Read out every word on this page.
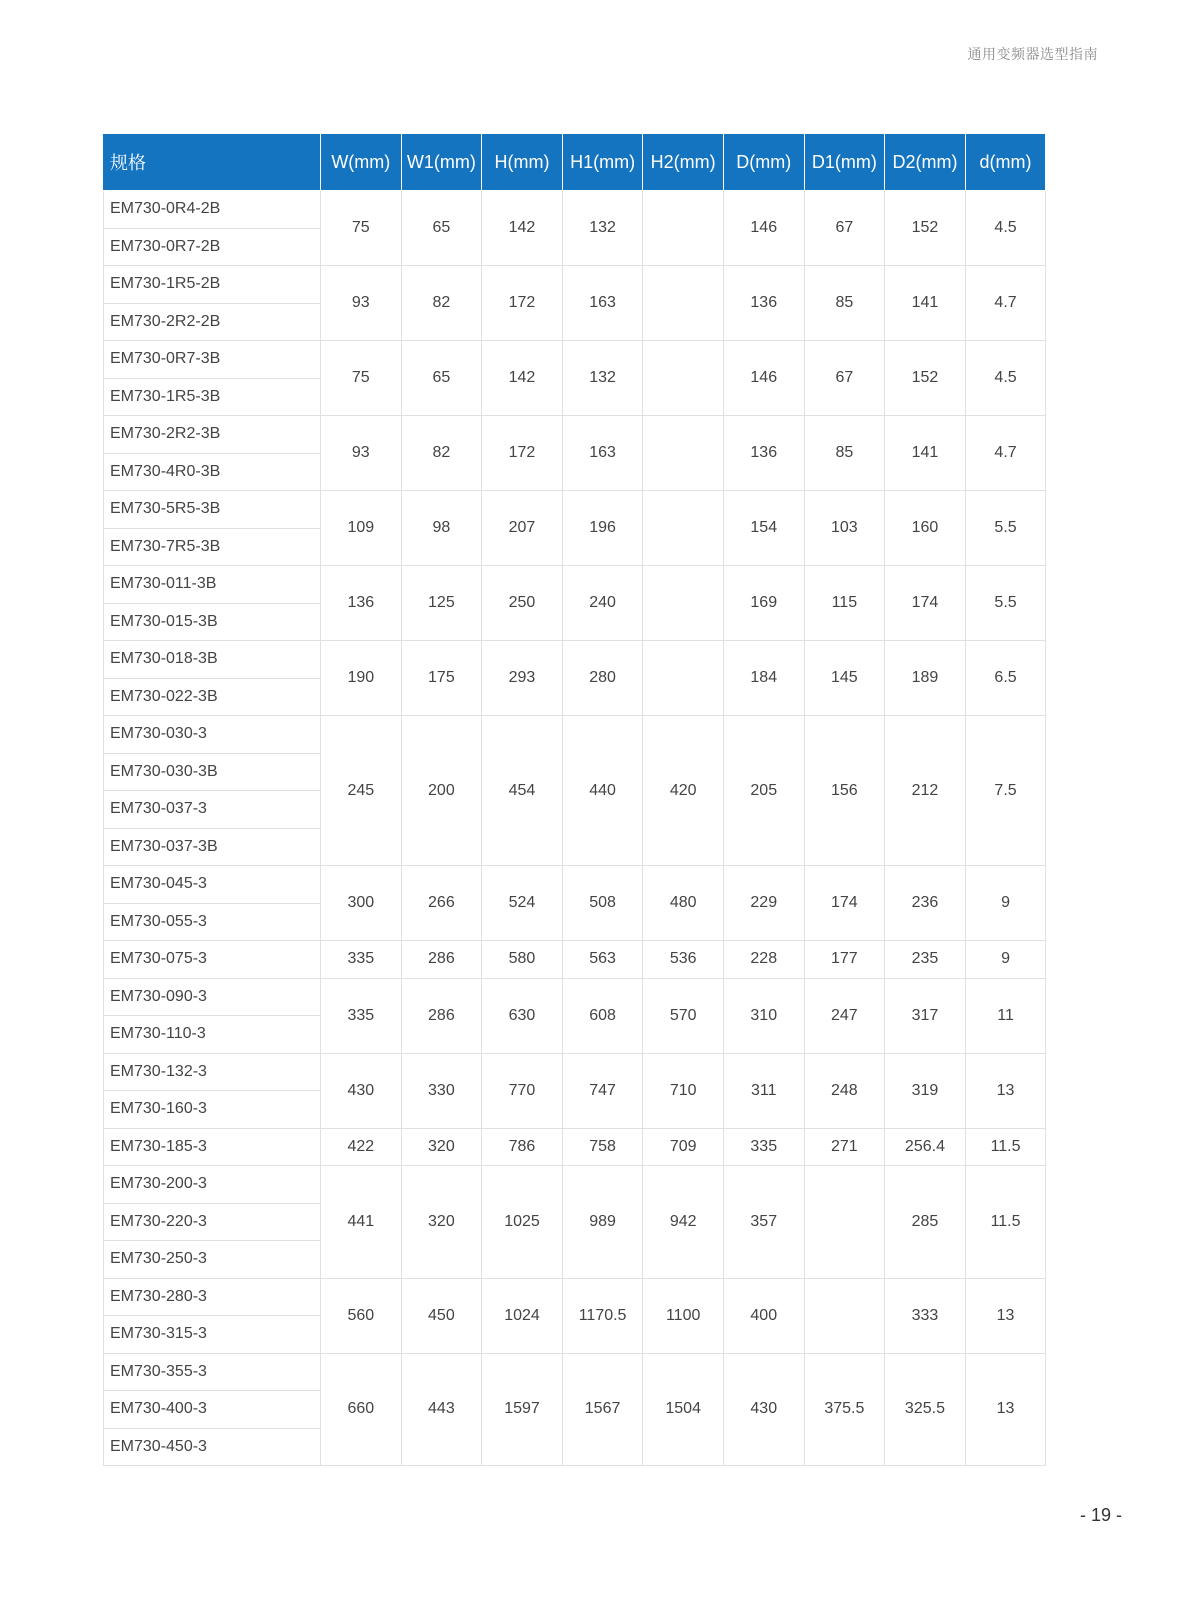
通用变频器选型指南
规格	W(mm)	W1(mm)	H(mm)	H1(mm)	H2(mm)	D(mm)	D1(mm)	D2(mm)	d(mm)
EM730-0R4-2B	75	65	142	132		146	67	152	4.5
EM730-0R7-2B									
EM730-1R5-2B	93	82	172	163		136	85	141	4.7
EM730-2R2-2B									
EM730-0R7-3B	75	65	142	132		146	67	152	4.5
EM730-1R5-3B									
EM730-2R2-3B	93	82	172	163		136	85	141	4.7
EM730-4R0-3B									
EM730-5R5-3B	109	98	207	196		154	103	160	5.5
EM730-7R5-3B									
EM730-011-3B	136	125	250	240		169	115	174	5.5
EM730-015-3B									
EM730-018-3B	190	175	293	280		184	145	189	6.5
EM730-022-3B									
EM730-030-3	245	200	454	440	420	205	156	212	7.5
EM730-030-3B									
EM730-037-3									
EM730-037-3B									
EM730-045-3	300	266	524	508	480	229	174	236	9
EM730-055-3									
EM730-075-3	335	286	580	563	536	228	177	235	9
EM730-090-3	335	286	630	608	570	310	247	317	11
EM730-110-3									
EM730-132-3	430	330	770	747	710	311	248	319	13
EM730-160-3									
EM730-185-3	422	320	786	758	709	335	271	256.4	11.5
EM730-200-3	441	320	1025	989	942	357		285	11.5
EM730-220-3									
EM730-250-3									
EM730-280-3	560	450	1024	1170.5	1100	400		333	13
EM730-315-3									
EM730-355-3	660	443	1597	1567	1504	430	375.5	325.5	13
EM730-400-3									
EM730-450-3									
- 19 -
